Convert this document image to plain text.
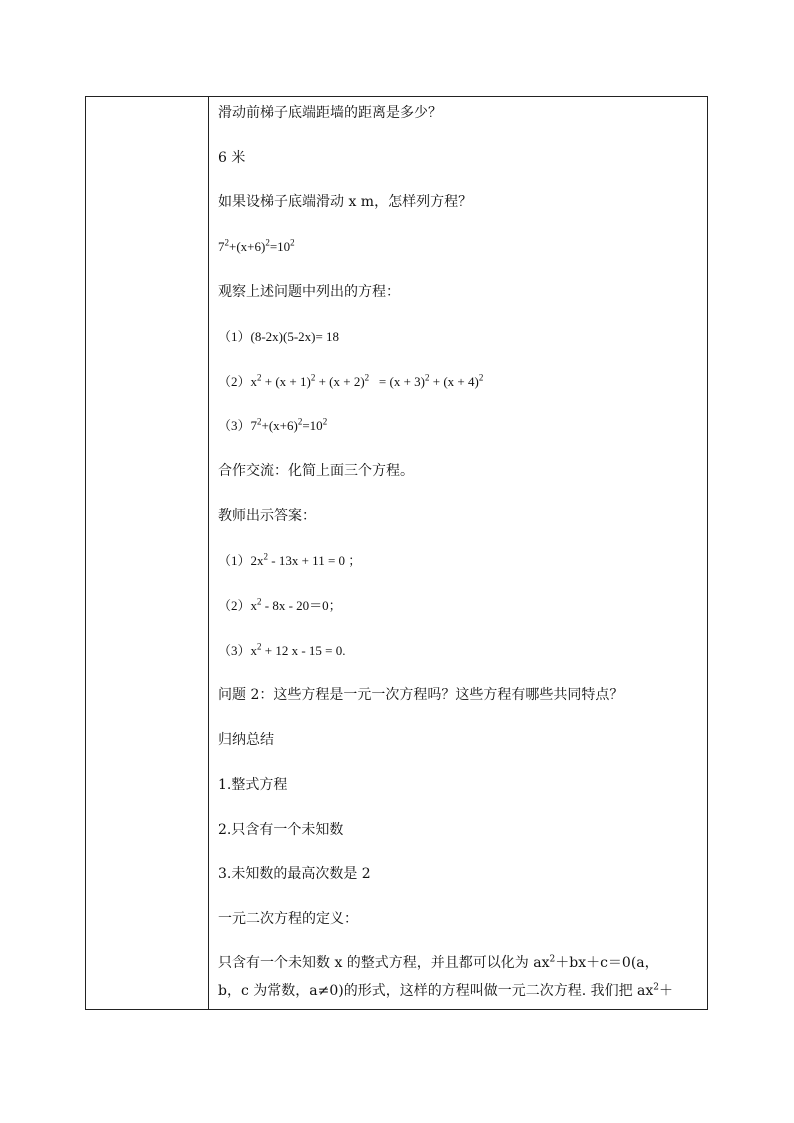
滑动前梯子底端距墙的距离是多少？
6 米
如果设梯子底端滑动 x m，怎样列方程？
$7^2+(x+6)^2=10^2$
观察上述问题中列出的方程：
（1）(8-2x)(5-2x)= 18
$(2)x^2 + (x + 1)^2 + (x + 2)^2 = (x + 3)^2 + (x + 4)^2$
$(3)7^2+(x+6)^2=10^2$
合作交流：化简上面三个方程。
教师出示答案：
$(1)2x^2 - 13x + 11 = 0$ ；
$(2)x^2 - 8x - 20=0$；
$(3)x^2 + 12$ x - 15 = 0.
问题 2：这些方程是一元一次方程吗？这些方程有哪些共同特点？
归纳总结
1.整式方程
2.只含有一个未知数
3.未知数的最高次数是 2
一元二次方程的定义：
只含有一个未知数 x 的整式方程，并且都可以化为 $ax^2+bx+c=0(a$，
b，c 为常数，a≠0)的形式，这样的方程叫做一元二次方程. 我们把 $ax^2+$
